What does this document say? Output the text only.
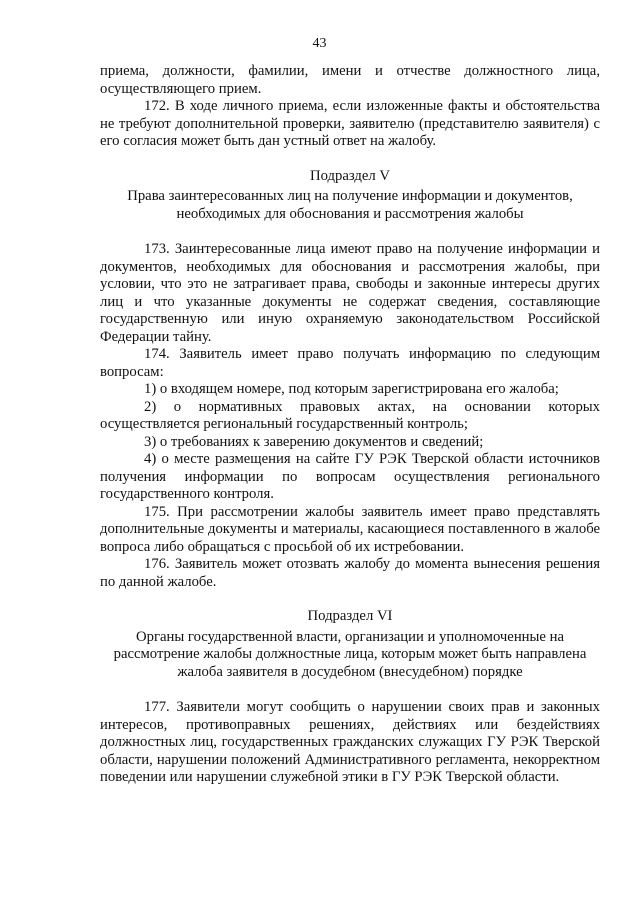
43

приема, должности, фамилии, имени и отчестве должностного лица, осуществляющего прием.

172. В ходе личного приема, если изложенные факты и обстоятельства не требуют дополнительной проверки, заявителю (представителю заявителя) с его согласия может быть дан устный ответ на жалобу.

Подраздел V

Права заинтересованных лиц на получение информации и документов, необходимых для обоснования и рассмотрения жалобы

173. Заинтересованные лица имеют право на получение информации и документов, необходимых для обоснования и рассмотрения жалобы, при условии, что это не затрагивает права, свободы и законные интересы других лиц и что указанные документы не содержат сведения, составляющие государственную или иную охраняемую законодательством Российской Федерации тайну.

174. Заявитель имеет право получать информацию по следующим вопросам:

1) о входящем номере, под которым зарегистрирована его жалоба;

2) о нормативных правовых актах, на основании которых осуществляется региональный государственный контроль;

3) о требованиях к заверению документов и сведений;

4) о месте размещения на сайте ГУ РЭК Тверской области источников получения информации по вопросам осуществления регионального государственного контроля.

175. При рассмотрении жалобы заявитель имеет право представлять дополнительные документы и материалы, касающиеся поставленного в жалобе вопроса либо обращаться с просьбой об их истребовании.

176. Заявитель может отозвать жалобу до момента вынесения решения по данной жалобе.

Подраздел VI

Органы государственной власти, организации и уполномоченные на рассмотрение жалобы должностные лица, которым может быть направлена жалоба заявителя в досудебном (внесудебном) порядке

177. Заявители могут сообщить о нарушении своих прав и законных интересов, противоправных решениях, действиях или бездействиях должностных лиц, государственных гражданских служащих ГУ РЭК Тверской области, нарушении положений Административного регламента, некорректном поведении или нарушении служебной этики в ГУ РЭК Тверской области.
